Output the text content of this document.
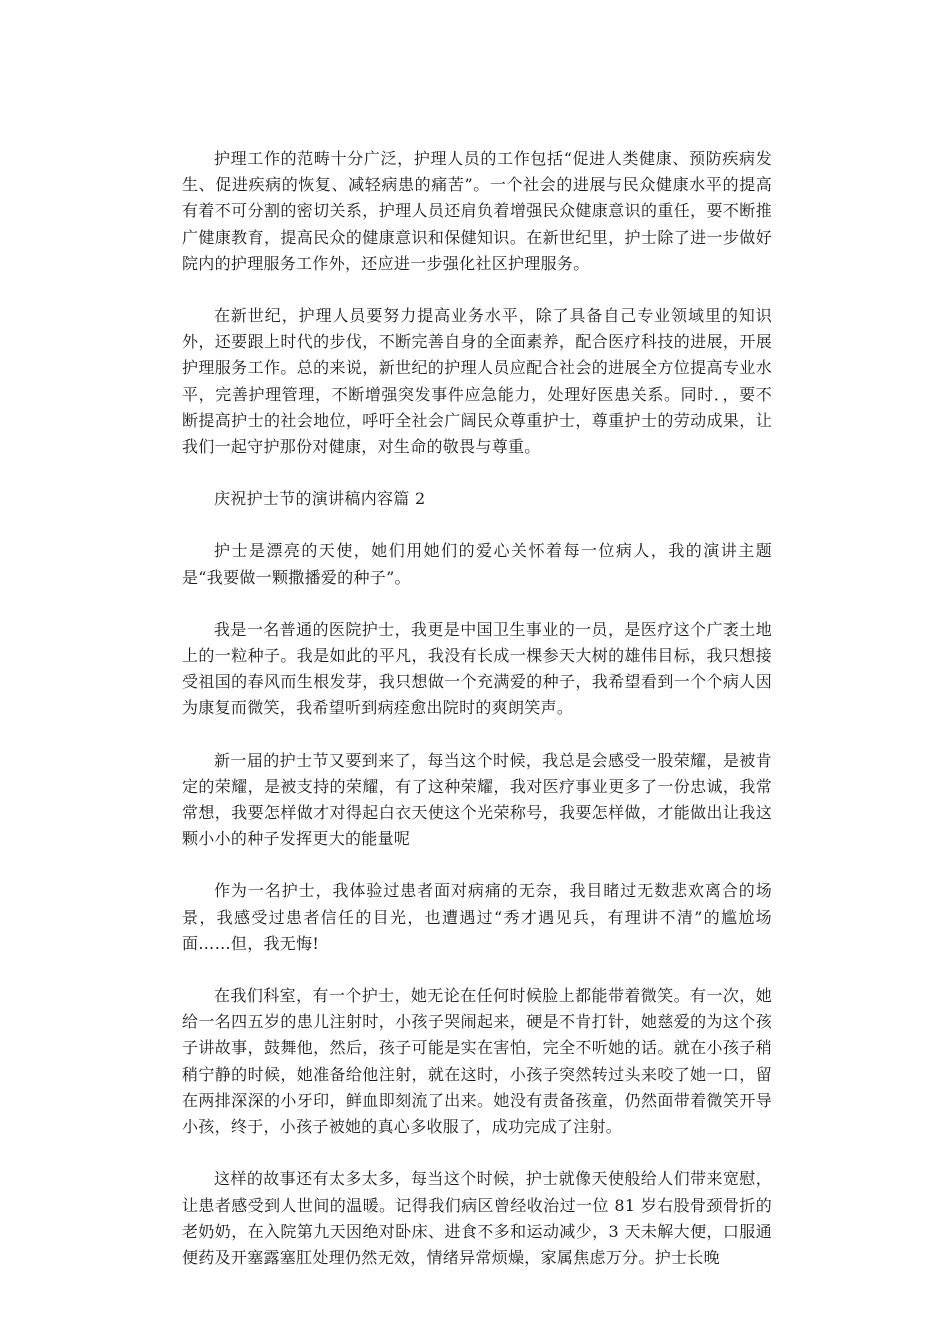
护理工作的范畴十分广泛，护理人员的工作包括“促进人类健康、预防疾病发生、促进疾病的恢复、减轻病患的痛苦”。一个社会的进展与民众健康水平的提高有着不可分割的密切关系，护理人员还肩负着增强民众健康意识的重任，要不断推广健康教育，提高民众的健康意识和保健知识。在新世纪里，护士除了进一步做好院内的护理服务工作外，还应进一步强化社区护理服务。

在新世纪，护理人员要努力提高业务水平，除了具备自己专业领域里的知识外，还要跟上时代的步伐，不断完善自身的全面素养，配合医疗科技的进展，开展护理服务工作。总的来说，新世纪的护理人员应配合社会的进展全方位提高专业水平，完善护理管理，不断增强突发事件应急能力，处理好医患关系。同时．，要不断提高护士的社会地位，呼吁全社会广阔民众尊重护士，尊重护士的劳动成果，让我们一起守护那份对健康，对生命的敬畏与尊重。

庆祝护士节的演讲稿内容篇 2

护士是漂亮的天使，她们用她们的爱心关怀着每一位病人，我的演讲主题是“我要做一颗撒播爱的种子”。

我是一名普通的医院护士，我更是中国卫生事业的一员，是医疗这个广袤土地上的一粒种子。我是如此的平凡，我没有长成一棵参天大树的雄伟目标，我只想接受祖国的春风而生根发芽，我只想做一个充满爱的种子，我希望看到一个个病人因为康复而微笑，我希望听到病痊愈出院时的爽朗笑声。

新一届的护士节又要到来了，每当这个时候，我总是会感受一股荣耀，是被肯定的荣耀，是被支持的荣耀，有了这种荣耀，我对医疗事业更多了一份忠诚，我常常想，我要怎样做才对得起白衣天使这个光荣称号，我要怎样做，才能做出让我这颗小小的种子发挥更大的能量呢

作为一名护士，我体验过患者面对病痛的无奈，我目睹过无数悲欢离合的场景，我感受过患者信任的目光，也遭遇过“秀才遇见兵，有理讲不清”的尴尬场面……但，我无悔!

在我们科室，有一个护士，她无论在任何时候脸上都能带着微笑。有一次，她给一名四五岁的患儿注射时，小孩子哭闹起来，硬是不肯打针，她慈爱的为这个孩子讲故事，鼓舞他，然后，孩子可能是实在害怕，完全不听她的话。就在小孩子稍稍宁静的时候，她准备给他注射，就在这时，小孩子突然转过头来咬了她一口，留在两排深深的小牙印，鲜血即刻流了出来。她没有责备孩童，仍然面带着微笑开导小孩，终于，小孩子被她的真心多收服了，成功完成了注射。

这样的故事还有太多太多，每当这个时候，护士就像天使般给人们带来宽慰，让患者感受到人世间的温暖。记得我们病区曾经收治过一位 81 岁右股骨颈骨折的老奶奶，在入院第九天因绝对卧床、进食不多和运动减少，3 天未解大便，口服通便药及开塞露塞肛处理仍然无效，情绪异常烦燥，家属焦虑万分。护士长晚
